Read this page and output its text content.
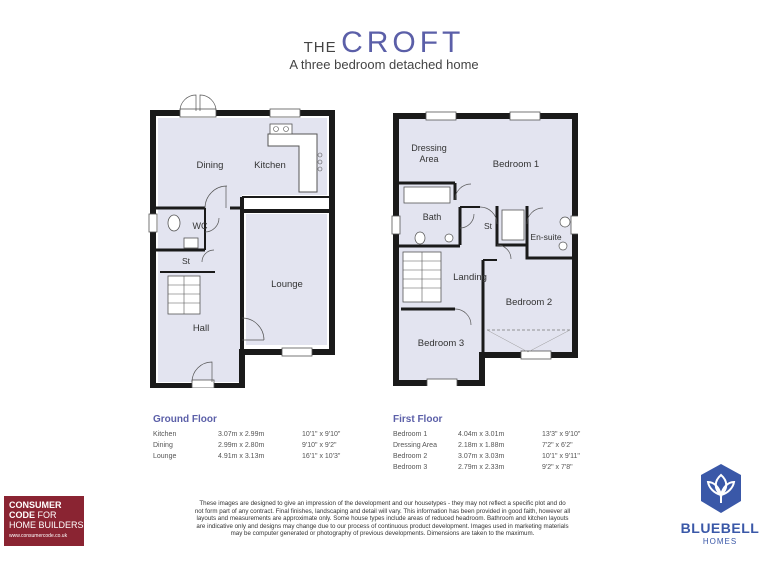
THE CROFT
A three bedroom detached home
Dining	Kitchen
WC
St
Lounge
Hall
Dressing
Area	Bedroom 1
Bath
St
En-suite
Landing
Bedroom 2
Bedroom 3
Ground Floor
Kitchen	3.07m x 2.99m	10'1" x 9'10"
Dining	2.99m x 2.80m	9'10" x 9'2"
Lounge	4.91m x 3.13m	16'1" x 10'3"
First Floor
Bedroom 1	4.04m x 3.01m	13'3" x 9'10"
Dressing Area	2.18m x 1.88m	7'2" x 6'2"
Bedroom 2	3.07m x 3.03m	10'1" x 9'11"
Bedroom 3	2.79m x 2.33m	9'2" x 7'8"
These images are designed to give an impression of the development and our housetypes - they may not reflect a specific plot and do
not form part of any contract. Final finishes, landscaping and detail will vary. This information has been provided in good faith, however all
layouts and measurements are approximate only. Some house types include areas of reduced headroom. Bathroom and kitchen layouts
are indicative only and designs may change due to our process of continuous product development. Images used in marketing materials
may be computer generated or photography of previous developments. Dimensions are taken to the maximum.
CONSUMER
CODE FOR
HOME BUILDERS
www.consumercode.co.uk	BLUEBELL
HOMES
